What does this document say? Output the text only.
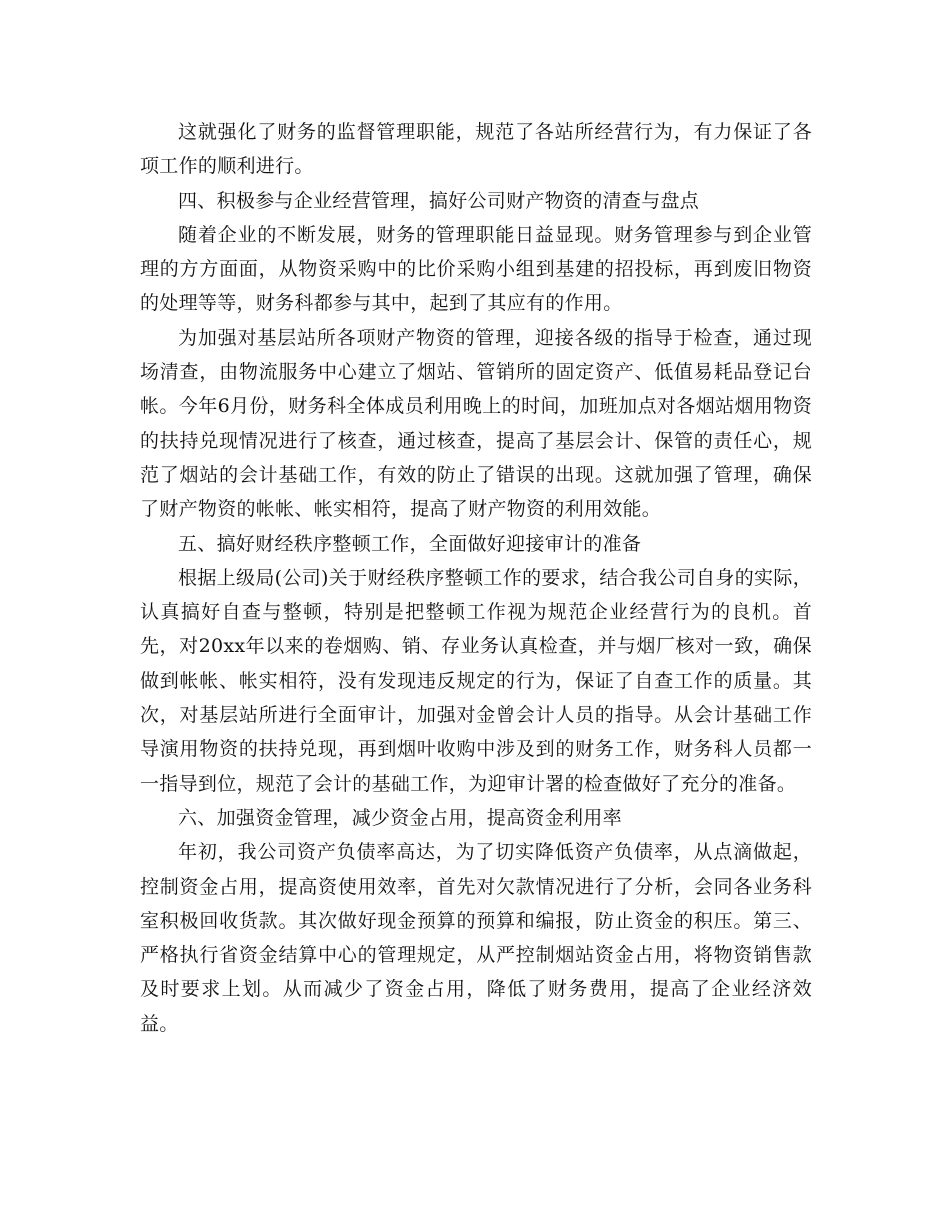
这就强化了财务的监督管理职能，规范了各站所经营行为，有力保证了各项工作的顺利进行。

四、积极参与企业经营管理，搞好公司财产物资的清查与盘点

随着企业的不断发展，财务的管理职能日益显现。财务管理参与到企业管理的方方面面，从物资采购中的比价采购小组到基建的招投标，再到废旧物资的处理等等，财务科都参与其中，起到了其应有的作用。

为加强对基层站所各项财产物资的管理，迎接各级的指导于检查，通过现场清查，由物流服务中心建立了烟站、管销所的固定资产、低值易耗品登记台帐。今年6月份，财务科全体成员利用晚上的时间，加班加点对各烟站烟用物资的扶持兑现情况进行了核查，通过核查，提高了基层会计、保管的责任心，规范了烟站的会计基础工作，有效的防止了错误的出现。这就加强了管理，确保了财产物资的帐帐、帐实相符，提高了财产物资的利用效能。

五、搞好财经秩序整顿工作，全面做好迎接审计的准备

根据上级局(公司)关于财经秩序整顿工作的要求，结合我公司自身的实际，认真搞好自查与整顿，特别是把整顿工作视为规范企业经营行为的良机。首先，对20xx年以来的卷烟购、销、存业务认真检查，并与烟厂核对一致，确保做到帐帐、帐实相符，没有发现违反规定的行为，保证了自查工作的质量。其次，对基层站所进行全面审计，加强对金曾会计人员的指导。从会计基础工作导演用物资的扶持兑现，再到烟叶收购中涉及到的财务工作，财务科人员都一一指导到位，规范了会计的基础工作，为迎审计署的检查做好了充分的准备。

六、加强资金管理，减少资金占用，提高资金利用率

年初，我公司资产负债率高达，为了切实降低资产负债率，从点滴做起，控制资金占用，提高资使用效率，首先对欠款情况进行了分析，会同各业务科室积极回收货款。其次做好现金预算的预算和编报，防止资金的积压。第三、严格执行省资金结算中心的管理规定，从严控制烟站资金占用，将物资销售款及时要求上划。从而减少了资金占用，降低了财务费用，提高了企业经济效益。
